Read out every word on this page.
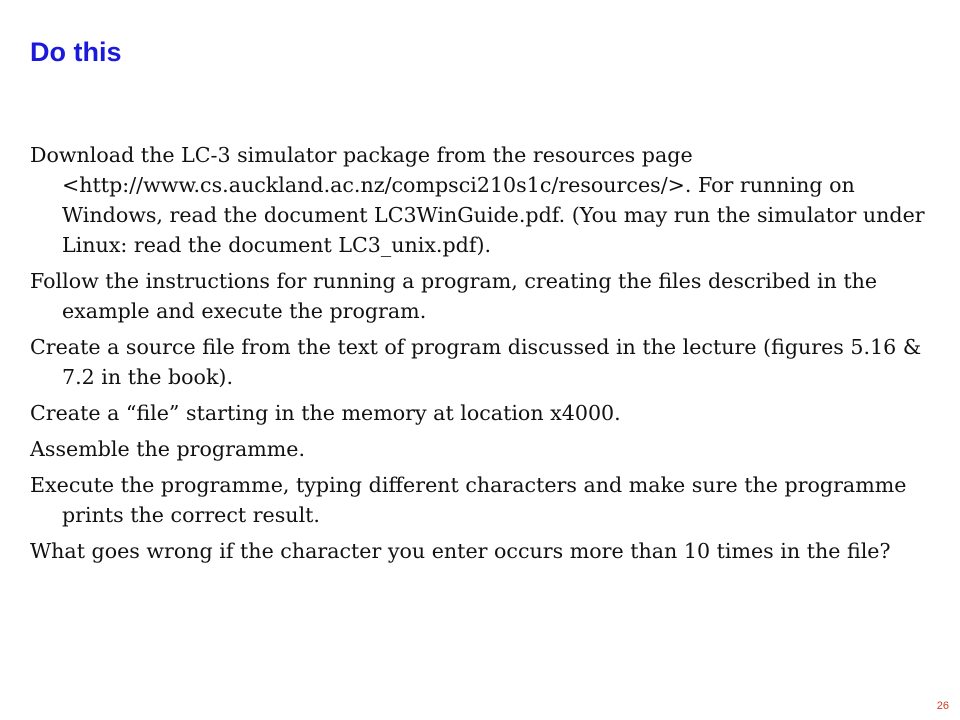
Do this
Download the LC-3 simulator package from the resources page <http://www.cs.auckland.ac.nz/compsci210s1c/resources/>. For running on Windows, read the document LC3WinGuide.pdf. (You may run the simulator under Linux: read the document LC3_unix.pdf).
Follow the instructions for running a program, creating the files described in the example and execute the program.
Create a source file from the text of program discussed in the lecture (figures 5.16 & 7.2 in the book).
Create a “file” starting in the memory at location x4000.
Assemble the programme.
Execute the programme, typing different characters and make sure the programme prints the correct result.
What goes wrong if the character you enter occurs more than 10 times in the file?
26
